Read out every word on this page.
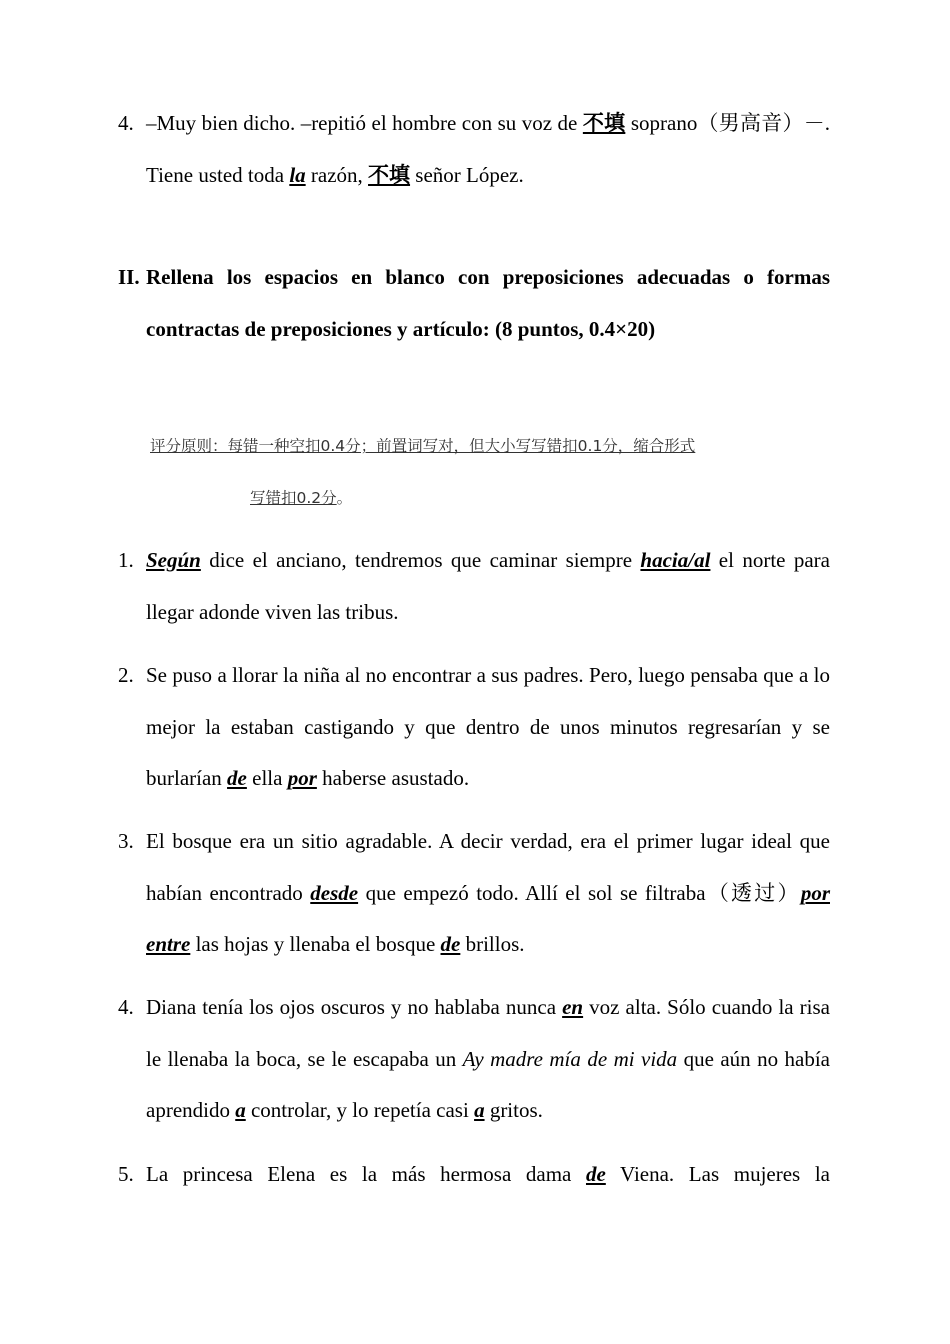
4. –Muy bien dicho. –repitió el hombre con su voz de 不填 soprano（男高音）－. Tiene usted toda la razón, 不填 señor López.
II. Rellena los espacios en blanco con preposiciones adecuadas o formas contractas de preposiciones y artículo: (8 puntos, 0.4×20)
评分原则：每错一种空扣0.4分；前置词写对，但大小写写错扣0.1分，缩合形式
写错扣0.2分。
1. Según dice el anciano, tendremos que caminar siempre hacia/al el norte para llegar adonde viven las tribus.
2. Se puso a llorar la niña al no encontrar a sus padres. Pero, luego pensaba que a lo mejor la estaban castigando y que dentro de unos minutos regresarían y se burlarían de ella por haberse asustado.
3. El bosque era un sitio agradable. A decir verdad, era el primer lugar ideal que habían encontrado desde que empezó todo. Allí el sol se filtraba（透过）por entre las hojas y llenaba el bosque de brillos.
4. Diana tenía los ojos oscuros y no hablaba nunca en voz alta. Sólo cuando la risa le llenaba la boca, se le escapaba un Ay madre mía de mi vida que aún no había aprendido a controlar, y lo repetía casi a gritos.
5. La princesa Elena es la más hermosa dama de Viena. Las mujeres la
